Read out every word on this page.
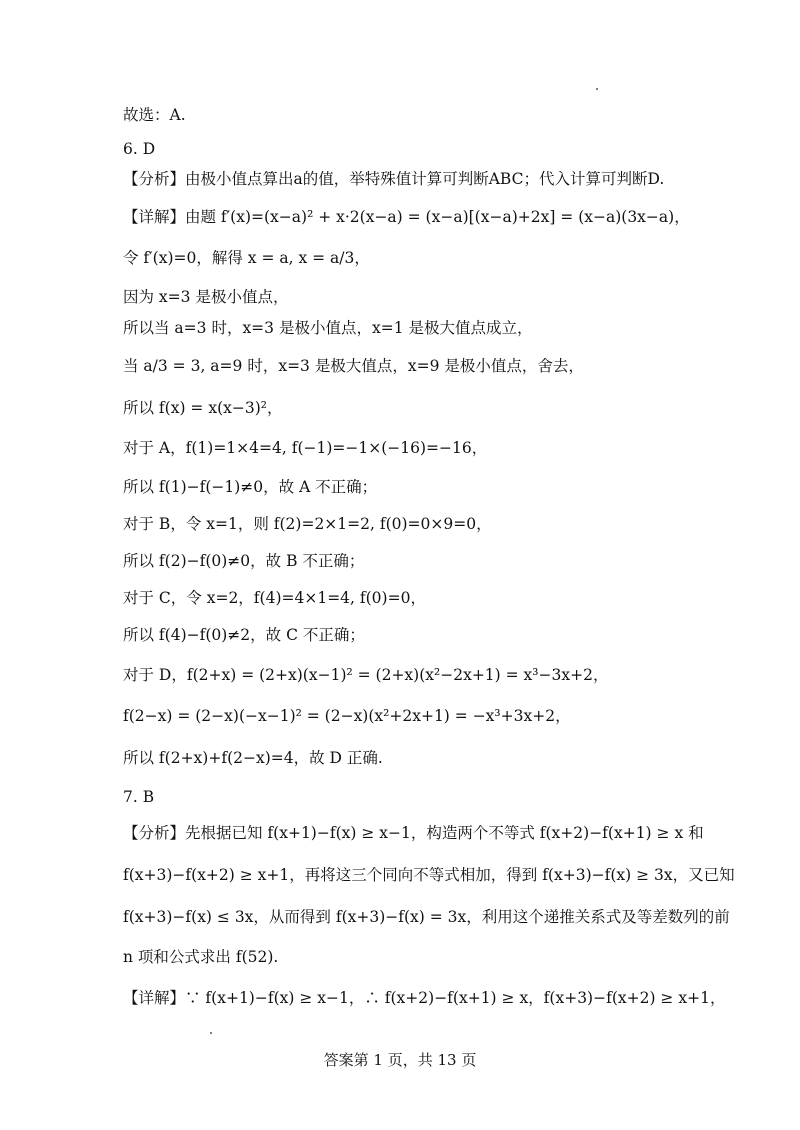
故选：A.
6. D
【分析】由极小值点算出a的值，举特殊值计算可判断ABC；代入计算可判断D.
【详解】由题 f′(x)=(x−a)² + x·2(x−a) = (x−a)[(x−a)+2x] = (x−a)(3x−a)，
令 f′(x)=0，解得 x = a, x = a/3，
因为 x=3 是极小值点，
所以当 a=3 时，x=3 是极小值点，x=1 是极大值点成立，
当 a/3 = 3, a=9 时，x=3 是极大值点，x=9 是极小值点，舍去，
所以 f(x) = x(x−3)²，
对于 A，f(1)=1×4=4, f(−1)=−1×(−16)=−16，
所以 f(1)−f(−1)≠0，故 A 不正确；
对于 B，令 x=1，则 f(2)=2×1=2, f(0)=0×9=0，
所以 f(2)−f(0)≠0，故 B 不正确；
对于 C，令 x=2，f(4)=4×1=4, f(0)=0，
所以 f(4)−f(0)≠2，故 C 不正确；
对于 D，f(2+x) = (2+x)(x−1)² = (2+x)(x²−2x+1) = x³−3x+2，
f(2−x) = (2−x)(−x−1)² = (2−x)(x²+2x+1) = −x³+3x+2，
所以 f(2+x)+f(2−x)=4，故 D 正确.
7. B
【分析】先根据已知 f(x+1)−f(x) ≥ x−1，构造两个不等式 f(x+2)−f(x+1) ≥ x 和
f(x+3)−f(x+2) ≥ x+1，再将这三个同向不等式相加，得到 f(x+3)−f(x) ≥ 3x，又已知
f(x+3)−f(x) ≤ 3x，从而得到 f(x+3)−f(x) = 3x，利用这个递推关系式及等差数列的前
n 项和公式求出 f(52).
【详解】∵ f(x+1)−f(x) ≥ x−1，∴ f(x+2)−f(x+1) ≥ x，f(x+3)−f(x+2) ≥ x+1，
答案第 1 页，共 13 页
